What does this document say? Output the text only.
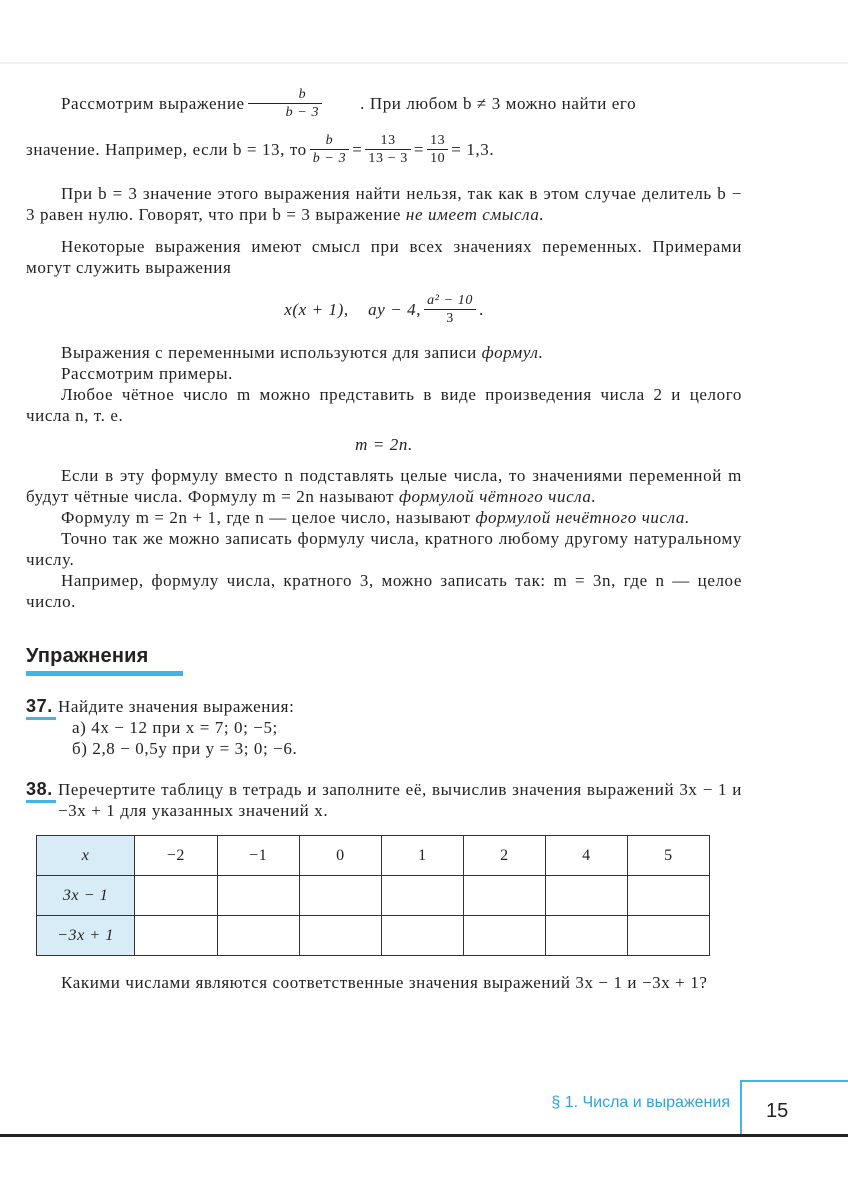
Рассмотрим выражение $\frac{b}{b - 3}$	. При любом b ≠ 3 можно найти его

значение. Например, если b = 13, то $\frac{b}{b - 3} = \frac{13}{13 - 3} = \frac{13}{10} = 1,3$.

При b = 3 значение этого выражения найти нельзя, так как в этом случае делитель b − 3 равен нулю. Говорят, что при b = 3 выражение не имеет смысла.

Некоторые выражения имеют смысл при всех значениях переменных. Примерами могут служить выражения

x(x + 1),    ay − 4, $\frac{\text{a² − 10}}{3}$ .

Выражения с переменными используются для записи формул.

Рассмотрим примеры.

Любое чётное число m можно представить в виде произведения числа 2 и целого числа n, т. е.

m = 2n.

Если в эту формулу вместо n подставлять целые числа, то значениями переменной m будут чётные числа. Формулу m = 2n называют формулой чётного числа.

Формулу m = 2n + 1, где n — целое число, называют формулой нечётного числа.

Точно так же можно записать формулу числа, кратного любому другому натуральному числу.

Например, формулу числа, кратного 3, можно записать так: m = 3n, где n — целое число.

Упражнения
37. Найдите значения выражения:

а) 4x − 12 при x = 7; 0; −5;

б) 2,8 − 0,5y при y = 3; 0; −6.

38. Перечертите таблицу в тетрадь и заполните её, вычислив значения выражений 3x − 1 и −3x + 1 для указанных значений x.

x	−2	−1	0	1	2	4	5
3x − 1							
−3x + 1							

Какими числами являются соответственные значения выражений 3x − 1 и −3x + 1?

§ 1. Числа и выражения 15
